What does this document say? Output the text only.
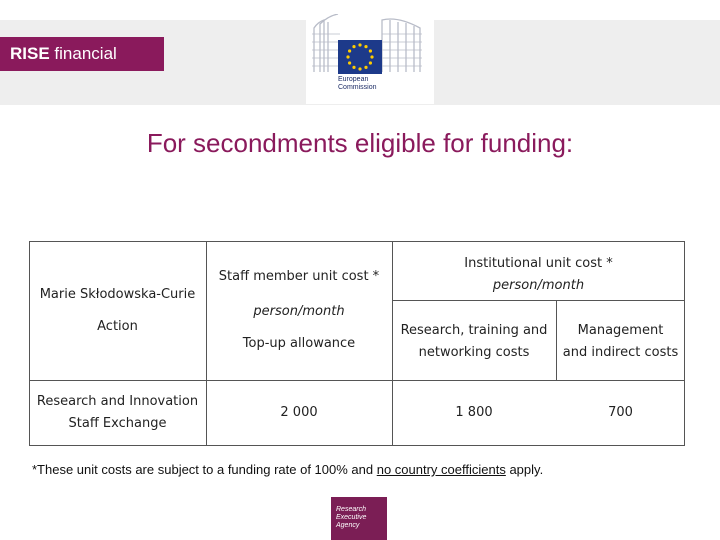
RISE financial
European
Commission
For secondments eligible for funding:
Marie Skłodowska-Curie
Action
Staff member unit cost *
person/month
Top-up allowance
Institutional unit cost *
person/month
Research, training and
networking costs
Management
and indirect costs
Research and Innovation
Staff Exchange
2 000	1 800	700
*These unit costs are subject to a funding rate of 100% and no country coefficients apply.
Research
Executive
Agency
